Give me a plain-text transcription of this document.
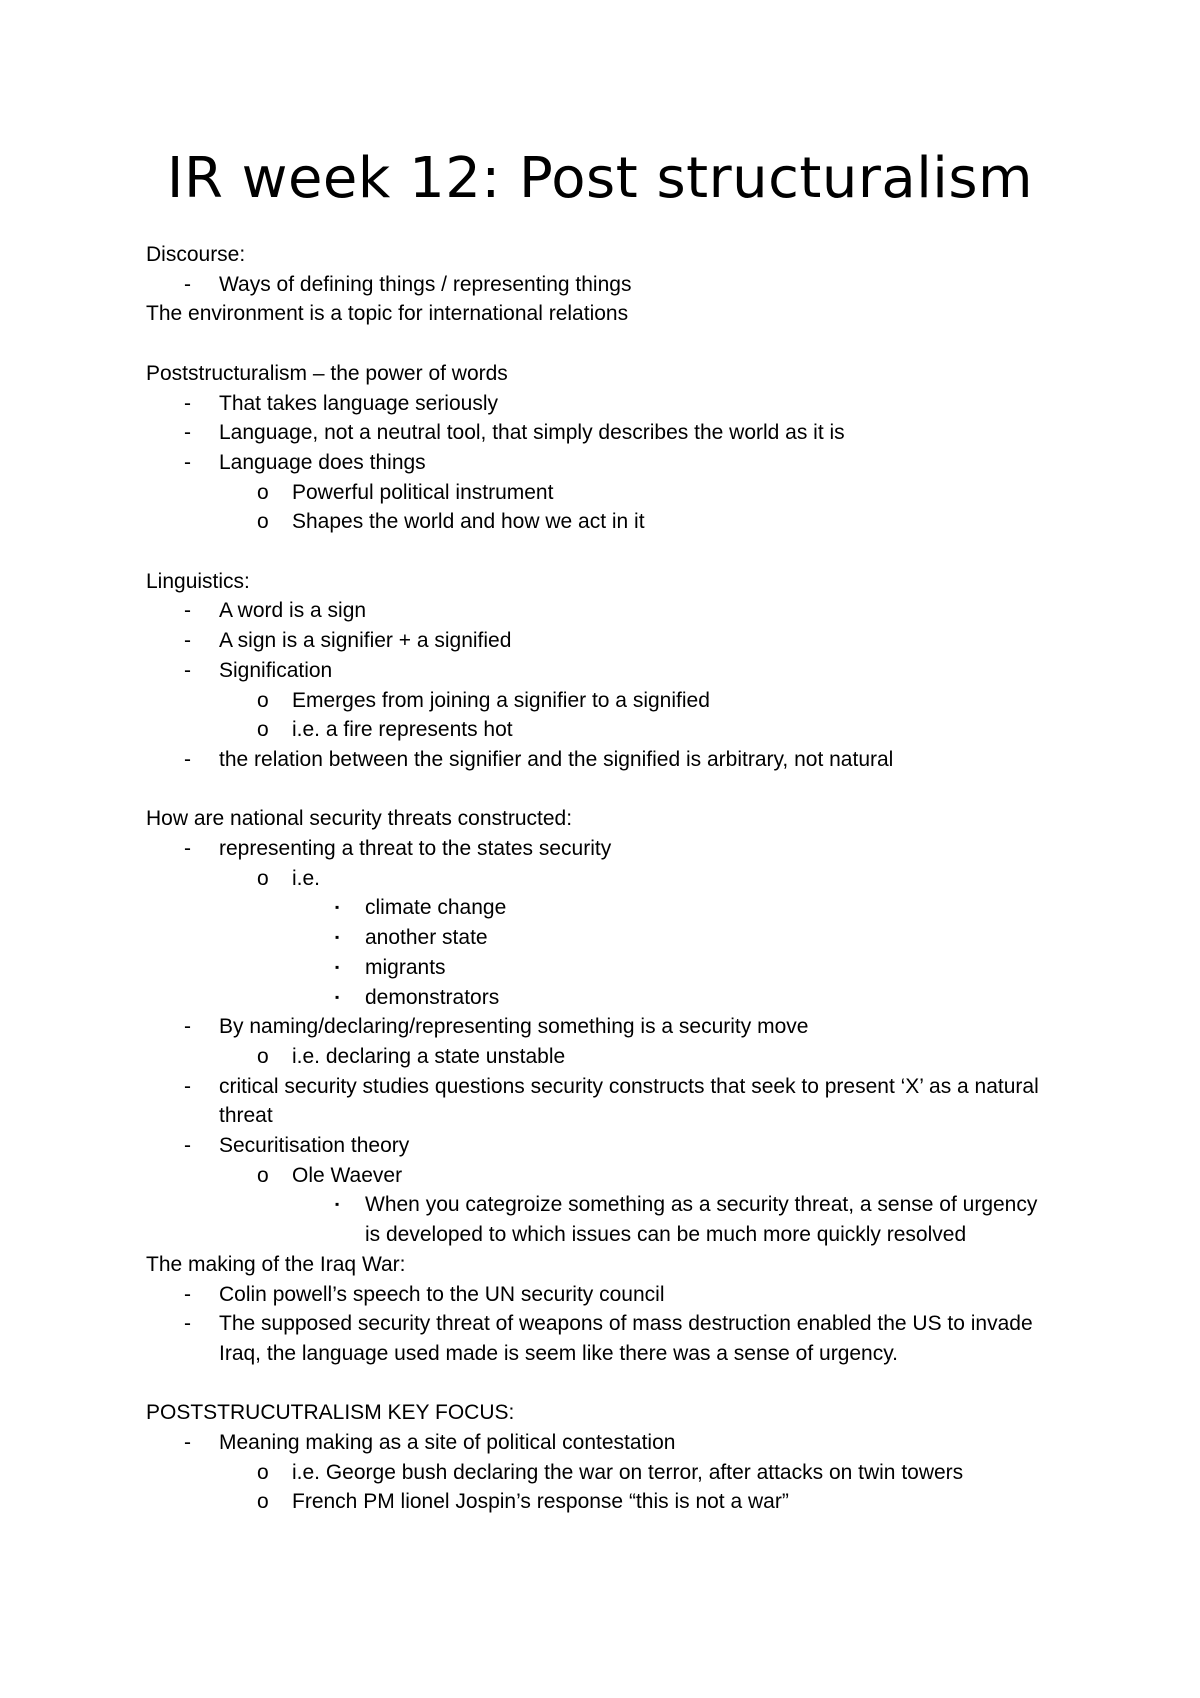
IR week 12: Post structuralism
Discourse:
- Ways of defining things / representing things
The environment is a topic for international relations
Poststructuralism – the power of words
- That takes language seriously
- Language, not a neutral tool, that simply describes the world as it is
- Language does things
o Powerful political instrument
o Shapes the world and how we act in it
Linguistics:
- A word is a sign
- A sign is a signifier + a signified
- Signification
o Emerges from joining a signifier to a signified
o i.e. a fire represents hot
- the relation between the signifier and the signified is arbitrary, not natural
How are national security threats constructed:
- representing a threat to the states security
o i.e.
▪ climate change
▪ another state
▪ migrants
▪ demonstrators
- By naming/declaring/representing something is a security move
o i.e. declaring a state unstable
- critical security studies questions security constructs that seek to present ‘X’ as a natural threat
- Securitisation theory
o Ole Waever
▪ When you categroize something as a security threat, a sense of urgency is developed to which issues can be much more quickly resolved
The making of the Iraq War:
- Colin powell’s speech to the UN security council
- The supposed security threat of weapons of mass destruction enabled the US to invade Iraq, the language used made is seem like there was a sense of urgency.
POSTSTRUCUTRALISM KEY FOCUS:
- Meaning making as a site of political contestation
o i.e. George bush declaring the war on terror, after attacks on twin towers
o French PM lionel Jospin’s response “this is not a war”
